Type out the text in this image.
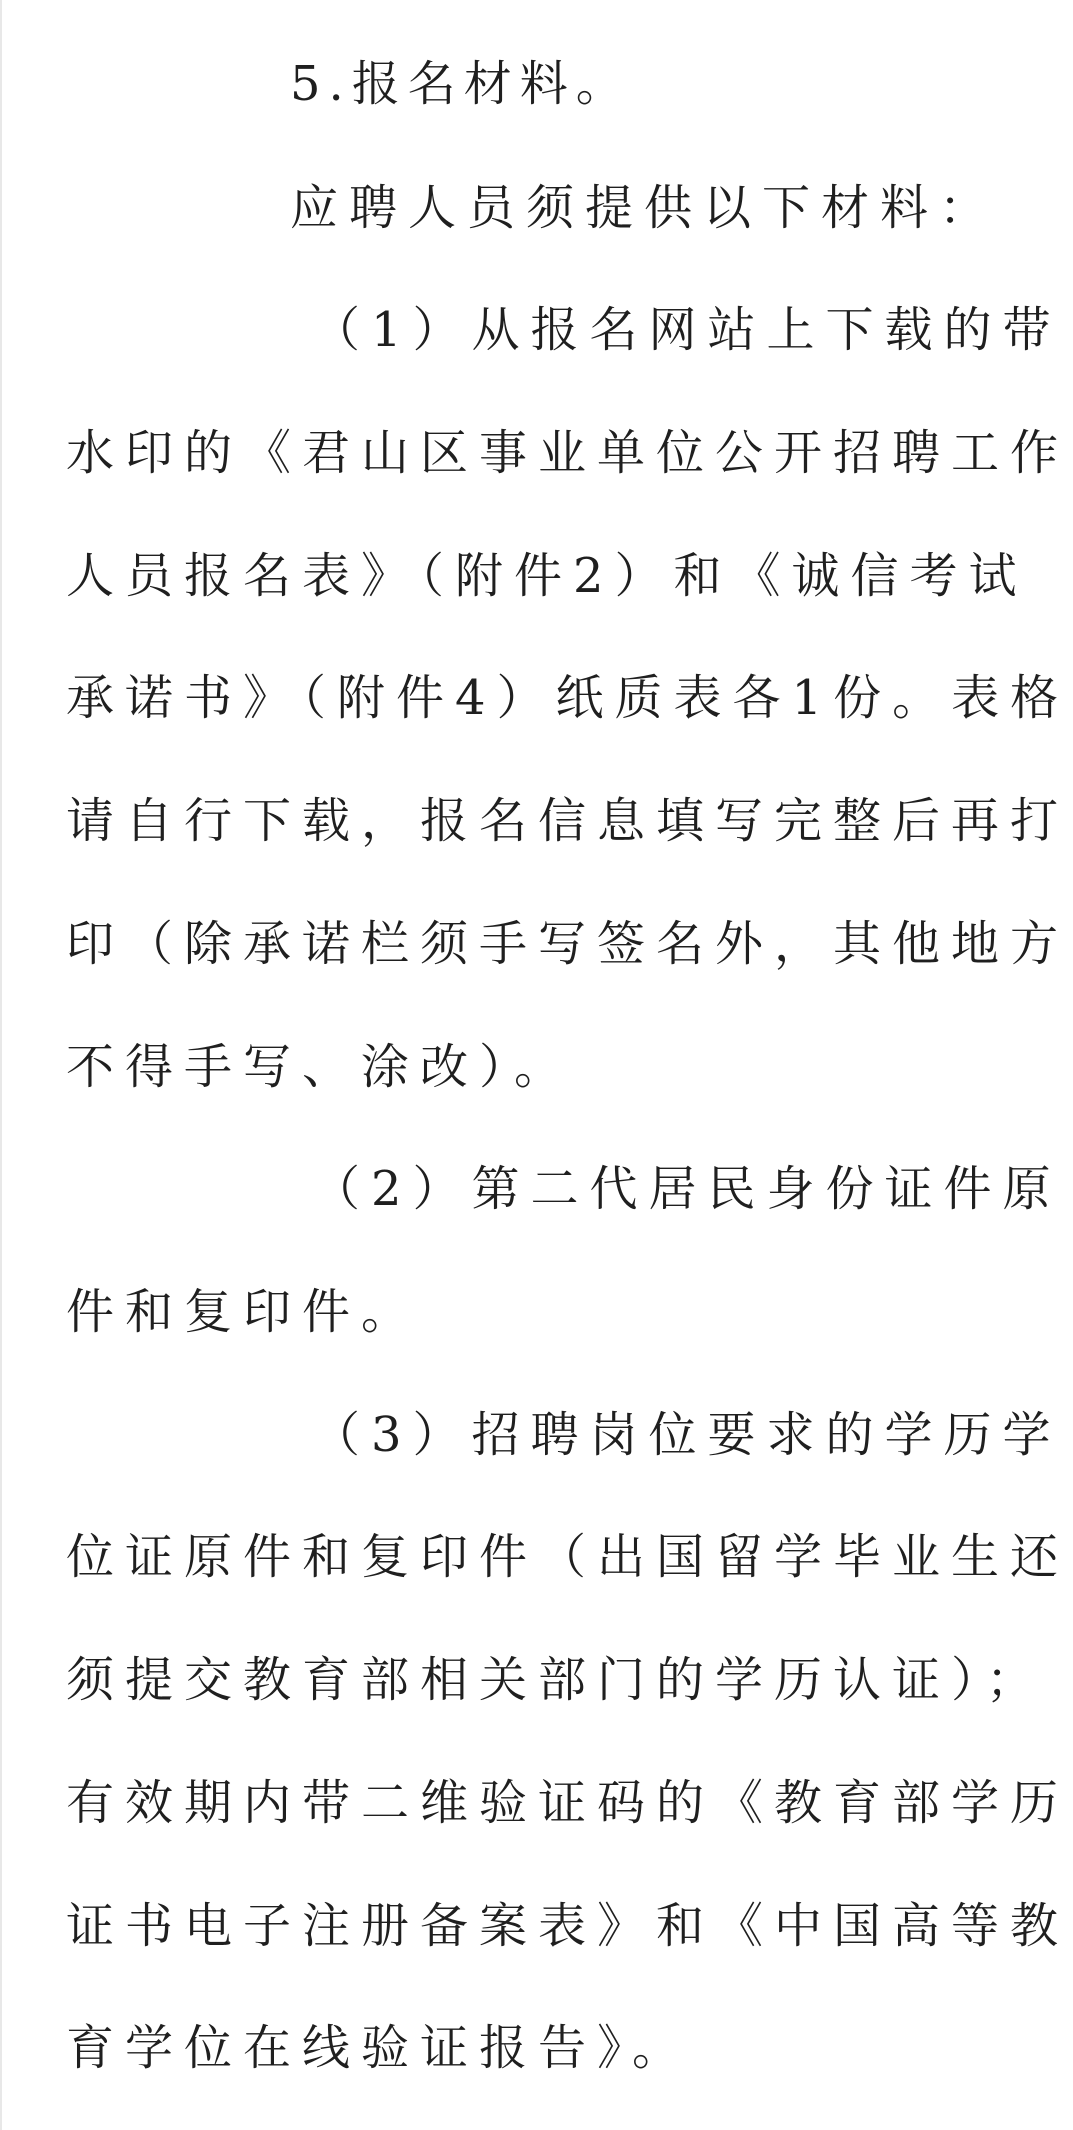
5.报名材料。
应聘人员须提供以下材料：
（1）从报名网站上下载的带
水印的《君山区事业单位公开招聘工作
人员报名表》（附件2）和《诚信考试
承诺书》（附件4）纸质表各1份。表格
请自行下载，报名信息填写完整后再打
印（除承诺栏须手写签名外，其他地方
不得手写、涂改）。
（2）第二代居民身份证件原
件和复印件。
（3）招聘岗位要求的学历学
位证原件和复印件（出国留学毕业生还
须提交教育部相关部门的学历认证）；
有效期内带二维验证码的《教育部学历
证书电子注册备案表》和《中国高等教
育学位在线验证报告》。
